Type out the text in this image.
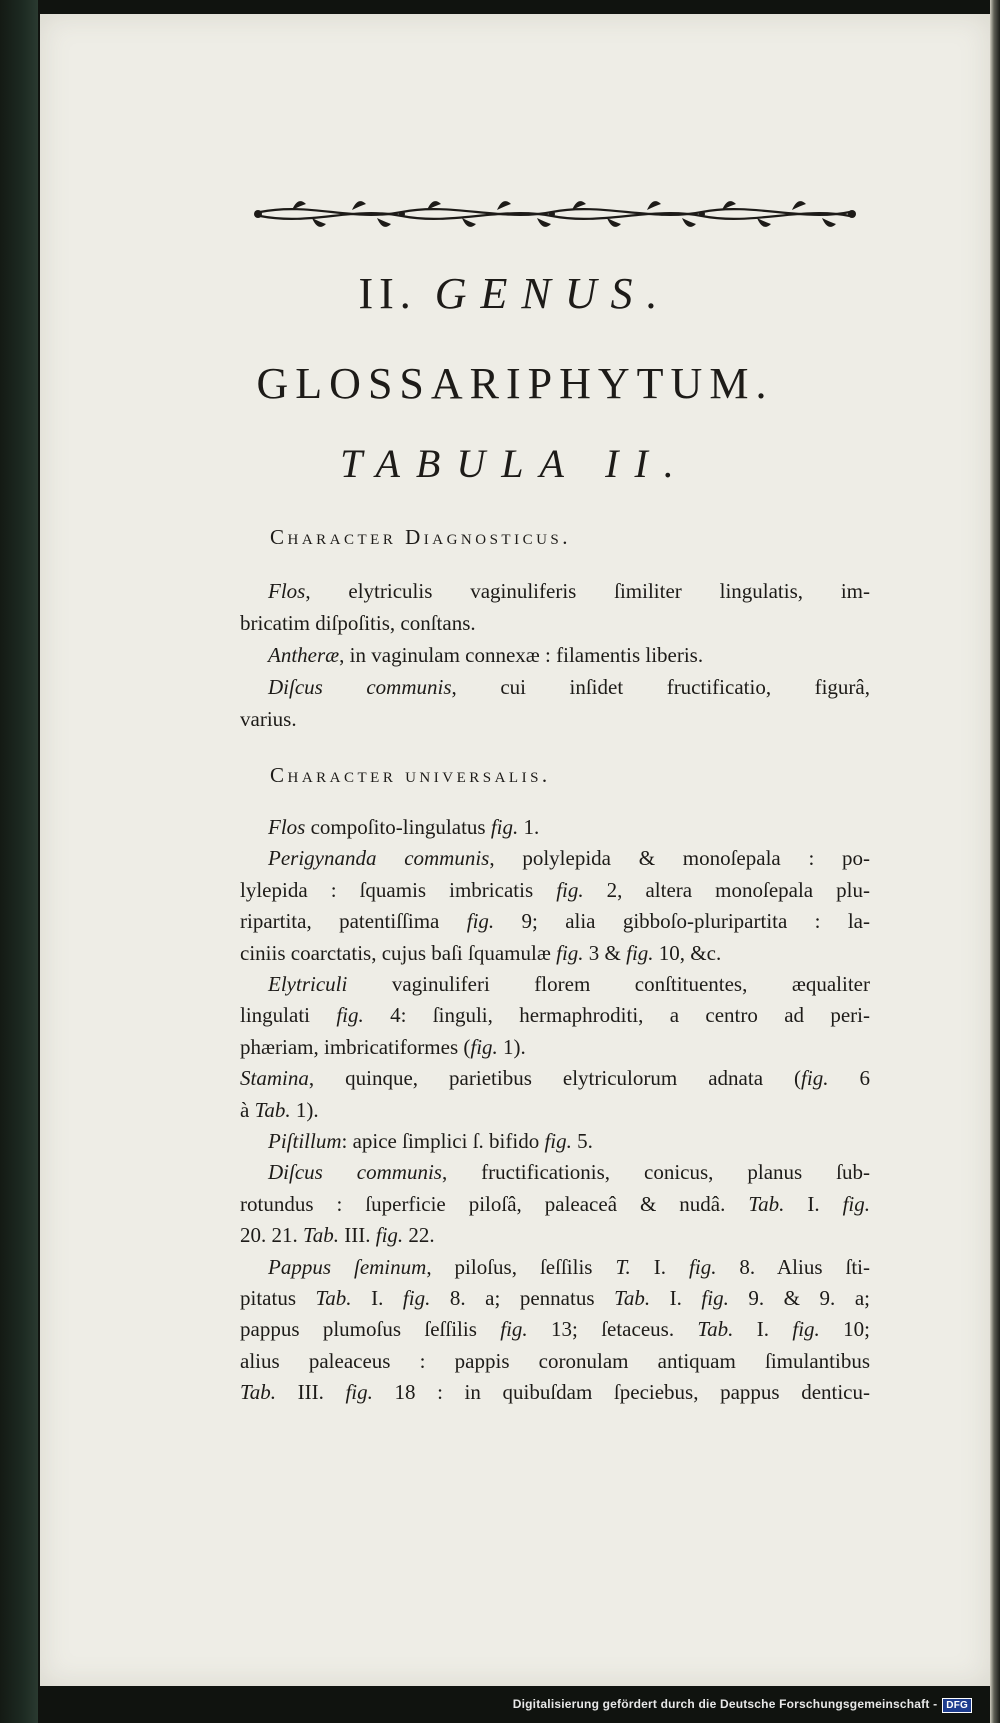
II. GENUS.
GLOSSARIPHYTUM.
TABULA II.
Character Diagnosticus.
Flos, elytriculis vaginuliferis ſimiliter lingulatis, im-
bricatim diſpoſitis, conſtans.
Antheræ, in vaginulam connexæ : filamentis liberis.
Diſcus communis, cui inſidet fructificatio, figurâ,
varius.
Character universalis.
Flos compoſito-lingulatus fig. 1.
Perigynanda communis, polylepida & monoſepala : po-
lylepida : ſquamis imbricatis fig. 2, altera monoſepala plu-
ripartita, patentiſſima fig. 9; alia gibboſo-pluripartita : la-
ciniis coarctatis, cujus baſi ſquamulæ fig. 3 & fig. 10, &c.
Elytriculi vaginuliferi florem conſtituentes, æqualiter
lingulati fig. 4: ſinguli, hermaphroditi, a centro ad peri-
phæriam, imbricatiformes (fig. 1).
Stamina, quinque, parietibus elytriculorum adnata (fig. 6
à Tab. 1).
Piſtillum: apice ſimplici ſ. bifido fig. 5.
Diſcus communis, fructificationis, conicus, planus ſub-
rotundus : ſuperficie piloſâ, paleaceâ & nudâ. Tab. I. fig.
20. 21. Tab. III. fig. 22.
Pappus ſeminum, piloſus, ſeſſilis T. I. fig. 8. Alius ſti-
pitatus Tab. I. fig. 8. a; pennatus Tab. I. fig. 9. & 9. a;
pappus plumoſus ſeſſilis fig. 13; ſetaceus. Tab. I. fig. 10;
alius paleaceus : pappis coronulam antiquam ſimulantibus
Tab. III. fig. 18 : in quibuſdam ſpeciebus, pappus denticu-
Digitalisierung gefördert durch die Deutsche Forschungsgemeinschaft - DFG
